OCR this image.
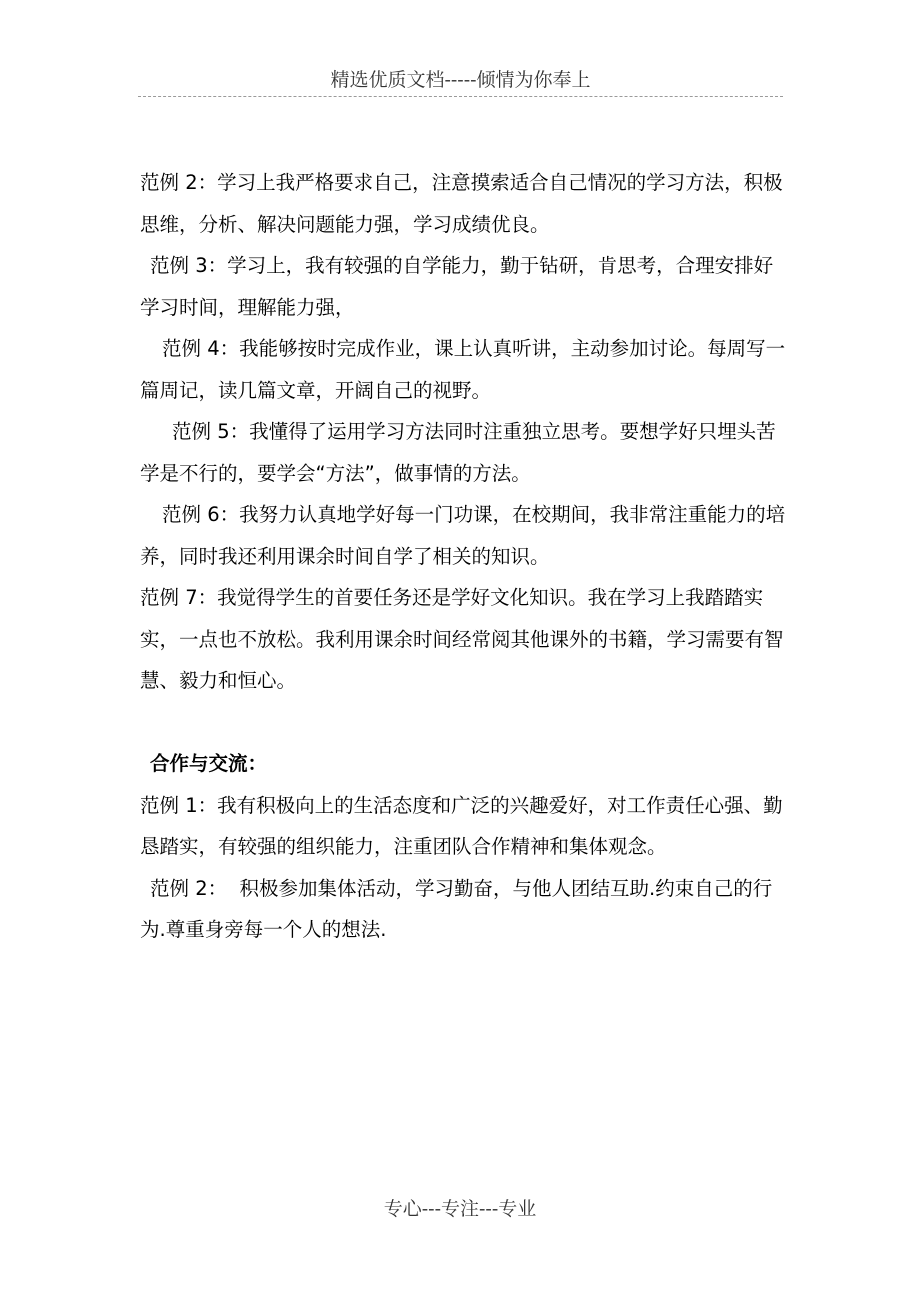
精选优质文档-----倾情为你奉上

范例 2：学习上我严格要求自己，注意摸索适合自己情况的学习方法，积极思维，分析、解决问题能力强，学习成绩优良。

范例 3：学习上，我有较强的自学能力，勤于钻研，肯思考，合理安排好学习时间，理解能力强，

范例 4：我能够按时完成作业，课上认真听讲，主动参加讨论。每周写一篇周记，读几篇文章，开阔自己的视野。

范例 5：我懂得了运用学习方法同时注重独立思考。要想学好只埋头苦学是不行的，要学会“方法”，做事情的方法。

范例 6：我努力认真地学好每一门功课，在校期间，我非常注重能力的培养，同时我还利用课余时间自学了相关的知识。

范例 7：我觉得学生的首要任务还是学好文化知识。我在学习上我踏踏实实，一点也不放松。我利用课余时间经常阅其他课外的书籍，学习需要有智慧、毅力和恒心。

合作与交流：

范例 1：我有积极向上的生活态度和广泛的兴趣爱好，对工作责任心强、勤恳踏实，有较强的组织能力，注重团队合作精神和集体观念。

范例 2：  积极参加集体活动，学习勤奋，与他人团结互助.约束自己的行为.尊重身旁每一个人的想法.

专心---专注---专业
